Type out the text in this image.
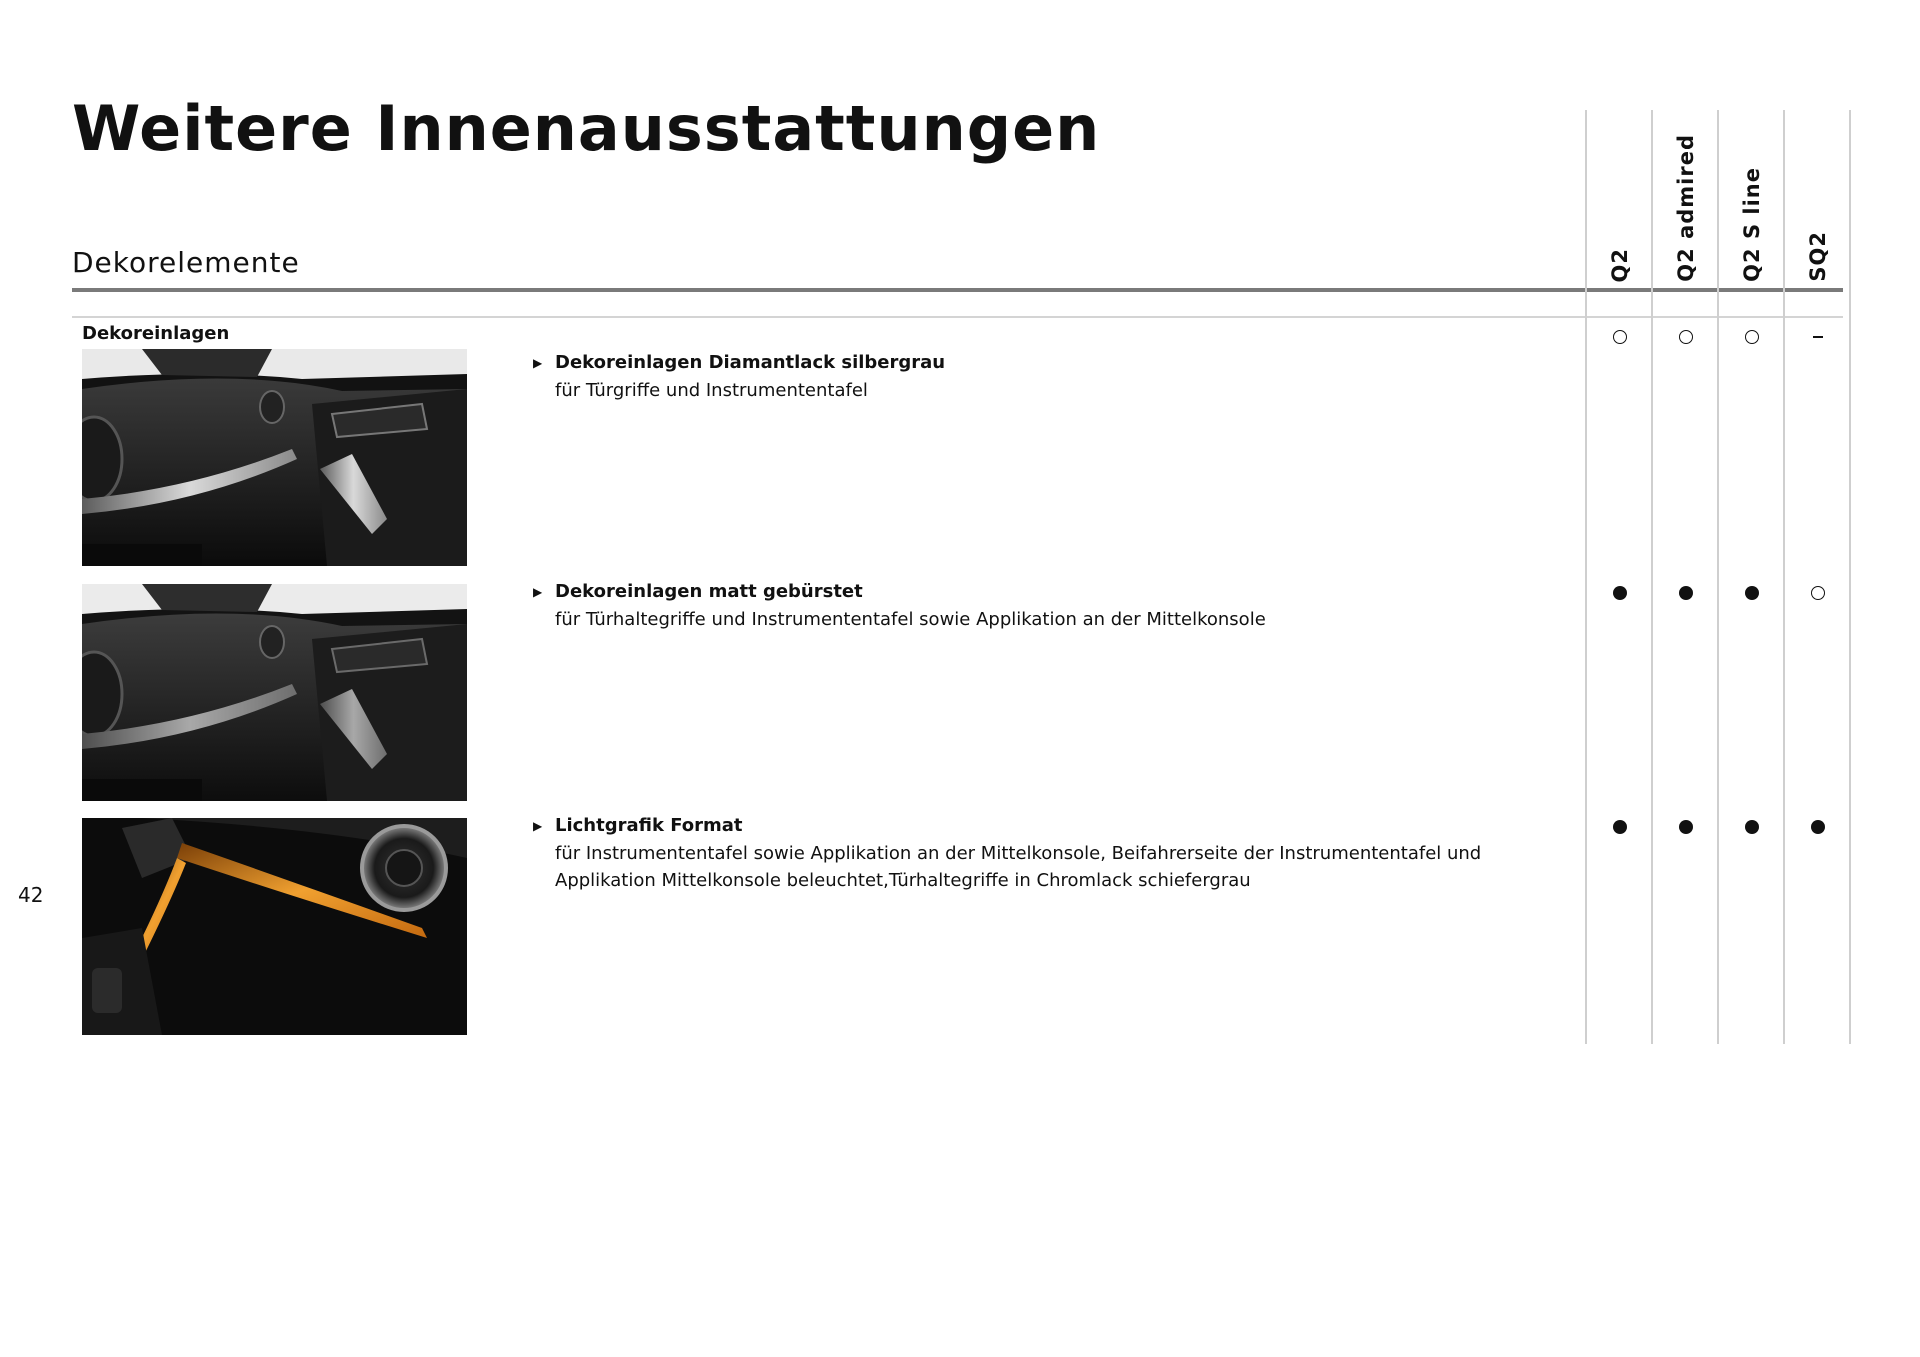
Weitere Innenausstattungen
Dekorelemente	Q2 Q2 admired Q2 S line SQ2
Dekoreinlagen
▶ Dekoreinlagen Diamantlack silbergrau
für Türgriffe und Instrumententafel
▶ Dekoreinlagen matt gebürstet
für Türhaltegriffe und Instrumententafel sowie Applikation an der Mittelkonsole
▶ Lichtgrafik Format
für Instrumententafel sowie Applikation an der Mittelkonsole, Beifahrerseite der Instrumententafel und Applikation Mittelkonsole beleuchtet,Türhaltegriffe in Chromlack schiefergrau
42
